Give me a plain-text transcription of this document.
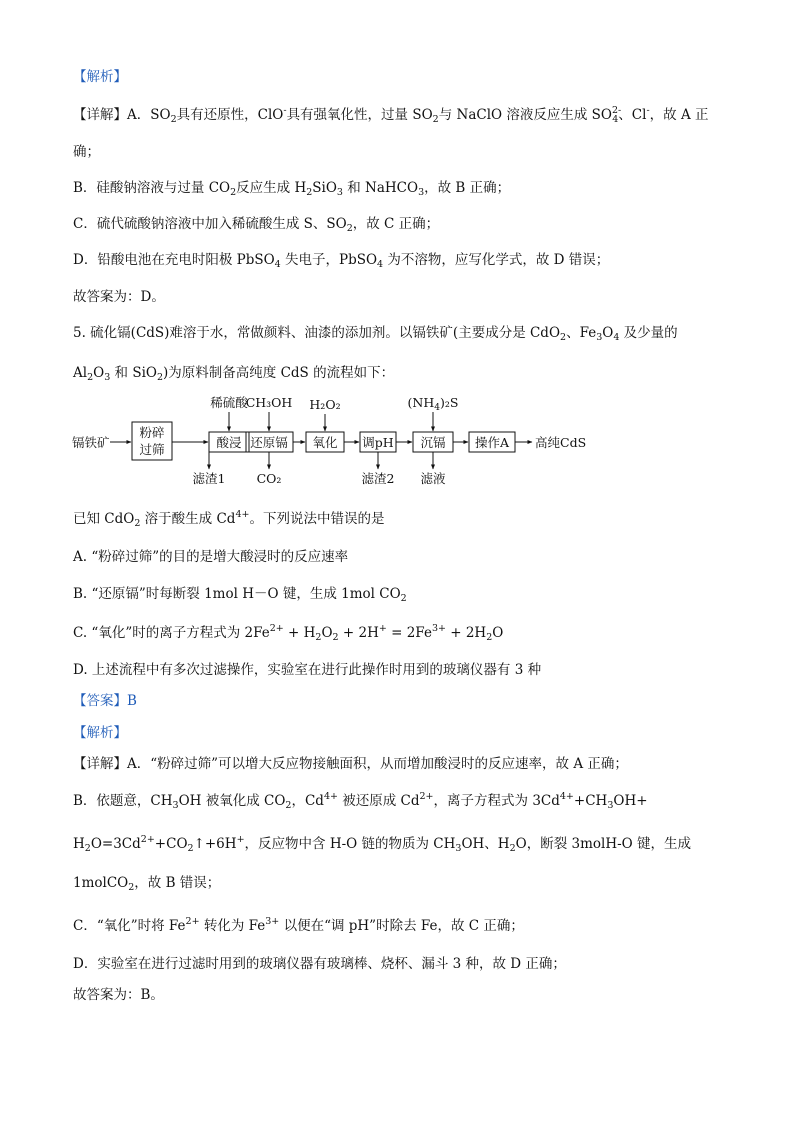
【解析】
【详解】A．$SO_2$具有还原性，ClO-具有强氧化性，过量 $SO_2$与 NaClO 溶液反应生成 $SO^{2-}_4$、Cl-，故 A 正
确；
B．硅酸钠溶液与过量 $CO_2$反应生成 $H_2SiO_3$ 和 NaHCO$_3$，故 B 正确；
C．硫代硫酸钠溶液中加入稀硫酸生成 S、$SO_2$，故 C 正确；
D．铅酸电池在充电时阳极 PbSO$_4$ 失电子，PbSO$_4$ 为不溶物，应写化学式，故 D 错误；
故答案为：D。
5. 硫化镉(CdS)难溶于水，常做颜料、油漆的添加剂。以镉铁矿(主要成分是 CdO$_2$、$Fe_3O_4$ 及少量的
$Al_2O_3$ 和 SiO$_2$)为原料制备高纯度 CdS 的流程如下：
镉铁矿
粉碎
过筛	酸浸 还原镉 氧化 调pH 沉镉 操作A 高纯CdS
稀硫酸
CH₃OH H₂O₂	$(NH_4)_2S$
滤渣1 CO₂	滤渣2 滤液
已知 CdO$_2$ 溶于酸生成 $Cd^{4+}$。下列说法中错误的是
A. “粉碎过筛”的目的是增大酸浸时的反应速率
B. “还原镉”时每断裂 1mol H－O 键，生成 1mol $CO_2$
C. “氧化”时的离子方程式为 $2Fe^{2+} + H_2O_2 + 2H^+ = 2Fe^{3+} + 2H_2O$
D. 上述流程中有多次过滤操作，实验室在进行此操作时用到的玻璃仪器有 3 种
【答案】B
【解析】
【详解】A．“粉碎过筛”可以增大反应物接触面积，从而增加酸浸时的反应速率，故 A 正确；
B．依题意，$CH_3OH$ 被氧化成 $CO_2$，$Cd^{4+}$ 被还原成 $Cd^{2+}$，离子方程式为 $3Cd^{4+}+CH_3OH+$
$H_2O=3Cd^{2+}+CO_2↑+6H^+$，反应物中含 H-O 链的物质为 $CH_3OH$、$H_2O$，断裂 3molH-O 键，生成
1molCO$_2$，故 B 错误；
C．“氧化”时将 $Fe^{2+}$ 转化为 $Fe^{3+}$ 以便在“调 pH”时除去 Fe，故 C 正确；
D．实验室在进行过滤时用到的玻璃仪器有玻璃棒、烧杯、漏斗 3 种，故 D 正确；
故答案为：B。
